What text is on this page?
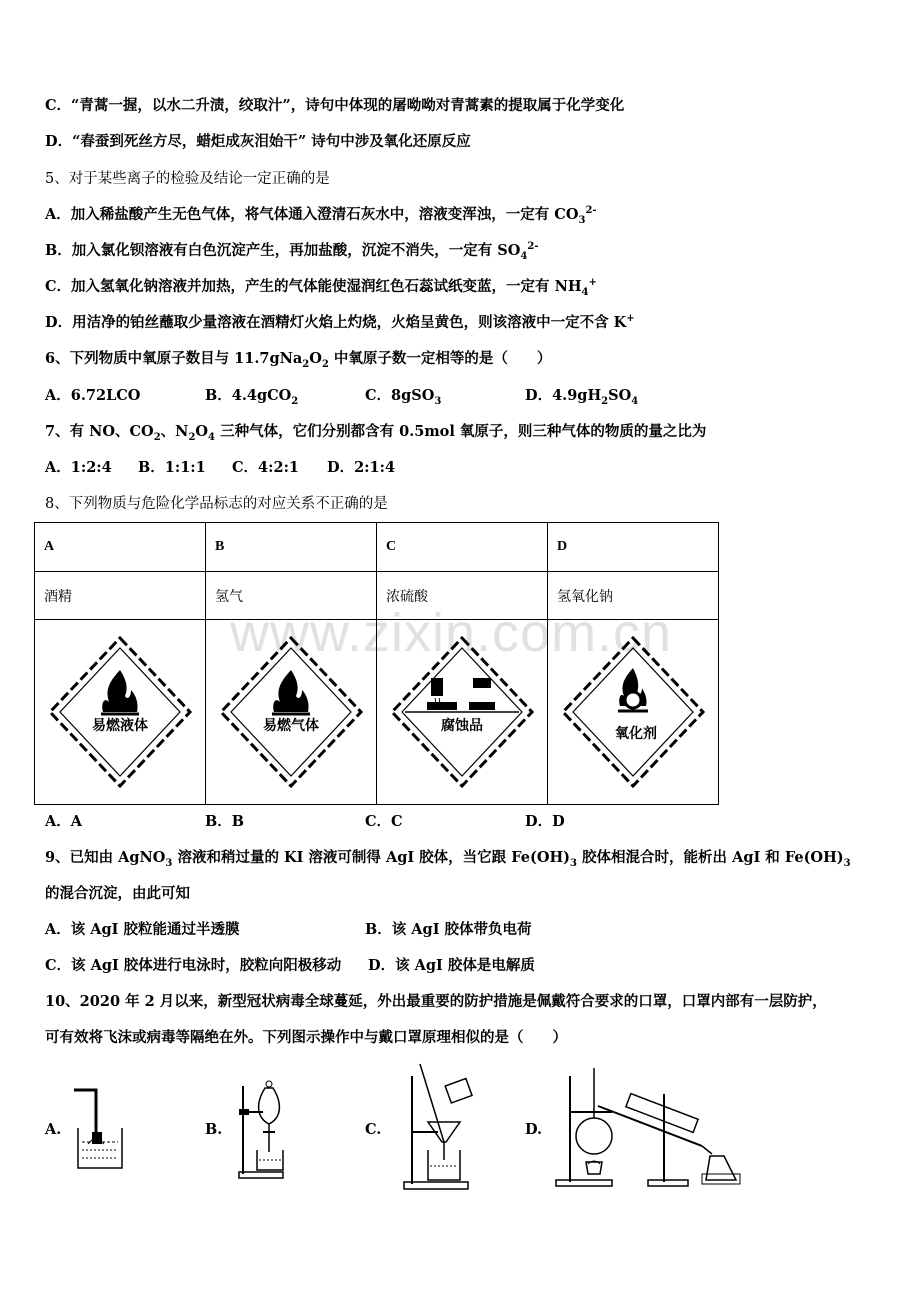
www.zixin.com.cn
C．“青蒿一握，以水二升渍，绞取汁”，诗句中体现的屠呦呦对青蒿素的提取属于化学变化
D．“春蚕到死丝方尽，蜡炬成灰泪始干” 诗句中涉及氧化还原反应
5、对于某些离子的检验及结论一定正确的是
A．加入稀盐酸产生无色气体，将气体通入澄清石灰水中，溶液变浑浊，一定有 $CO_3^{2-}$
B．加入氯化钡溶液有白色沉淀产生，再加盐酸，沉淀不消失，一定有 $SO_4^{2-}$
C．加入氢氧化钠溶液并加热，产生的气体能使湿润红色石蕊试纸变蓝，一定有 $NH_4^+$
D．用洁净的铂丝蘸取少量溶液在酒精灯火焰上灼烧，火焰呈黄色，则该溶液中一定不含 K+
6、下列物质中氧原子数目与 $11.7gNa_2O_2$ 中氧原子数一定相等的是（　　）
A．6.72LCO	B．4.4gCO$_2$	C．8gSO$_3$	D．$4.9gH_2SO_4$
7、有 NO、$CO_2$、$N_2O_4$ 三种气体，它们分别都含有 0.5mol 氧原子，则三种气体的物质的量之比为
A．1:2:4 B．1:1:1 C．4:2:1 D．2:1:4
8、下列物质与危险化学品标志的对应关系不正确的是
A	B	C	D
酒精	氢气	浓硫酸	氢氧化钠

易燃液体	易燃气体	腐蚀品	氧化剂
A．A	B．B	C．C	D．D
9、已知由 AgNO$_3$ 溶液和稍过量的 KI 溶液可制得 AgI 胶体，当它跟 $Fe(OH)_3$ 胶体相混合时，能析出 AgI 和 $Fe(OH)_3$
的混合沉淀，由此可知
A．该 AgI 胶粒能通过半透膜	B．该 AgI 胶体带负电荷
C．该 AgI 胶体进行电泳时，胶粒向阳极移动 D．该 AgI 胶体是电解质
10、2020 年 2 月以来，新型冠状病毒全球蔓延，外出最重要的防护措施是佩戴符合要求的口罩，口罩内部有一层防护，
可有效将飞沫或病毒等隔绝在外。下列图示操作中与戴口罩原理相似的是（　　）
A.	B.	C.	D.
